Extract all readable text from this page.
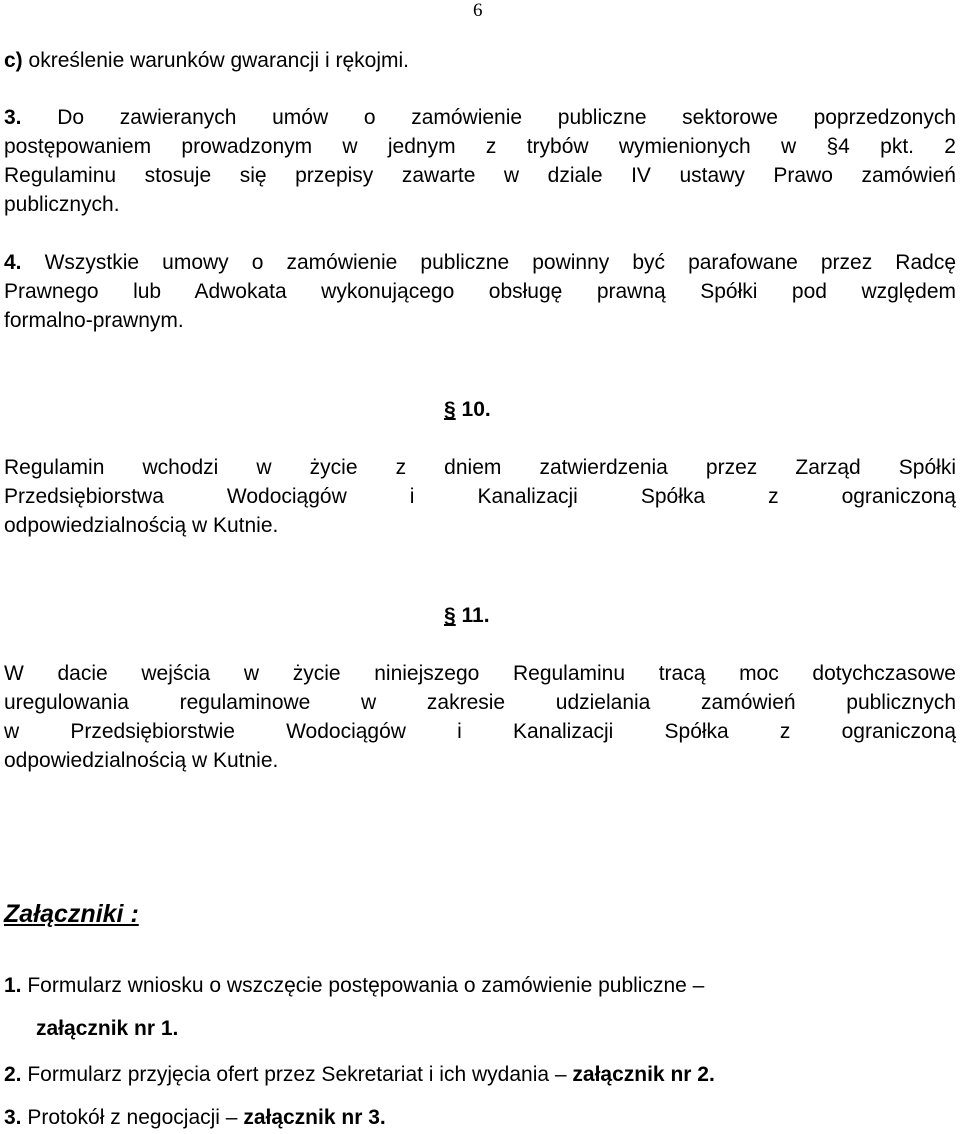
6
c) określenie warunków gwarancji i rękojmi.
3. Do zawieranych umów o zamówienie publiczne sektorowe poprzedzonych
postępowaniem prowadzonym w jednym z trybów wymienionych w §4 pkt. 2
Regulaminu stosuje się przepisy zawarte w dziale IV ustawy Prawo zamówień
publicznych.
4. Wszystkie umowy o zamówienie publiczne powinny być parafowane przez Radcę
Prawnego lub Adwokata wykonującego obsługę prawną Spółki pod względem
formalno-prawnym.
§ 10.
Regulamin wchodzi w życie z dniem zatwierdzenia przez Zarząd Spółki
Przedsiębiorstwa Wodociągów i Kanalizacji Spółka z ograniczoną
odpowiedzialnością w Kutnie.
§ 11.
W dacie wejścia w życie niniejszego Regulaminu tracą moc dotychczasowe
uregulowania regulaminowe w zakresie udzielania zamówień publicznych
w Przedsiębiorstwie Wodociągów i Kanalizacji Spółka z ograniczoną
odpowiedzialnością w Kutnie.
Załączniki :
1. Formularz wniosku o wszczęcie postępowania o zamówienie publiczne –
załącznik nr 1.
2. Formularz przyjęcia ofert przez Sekretariat i ich wydania – załącznik nr 2.
3. Protokół z negocjacji – załącznik nr 3.
